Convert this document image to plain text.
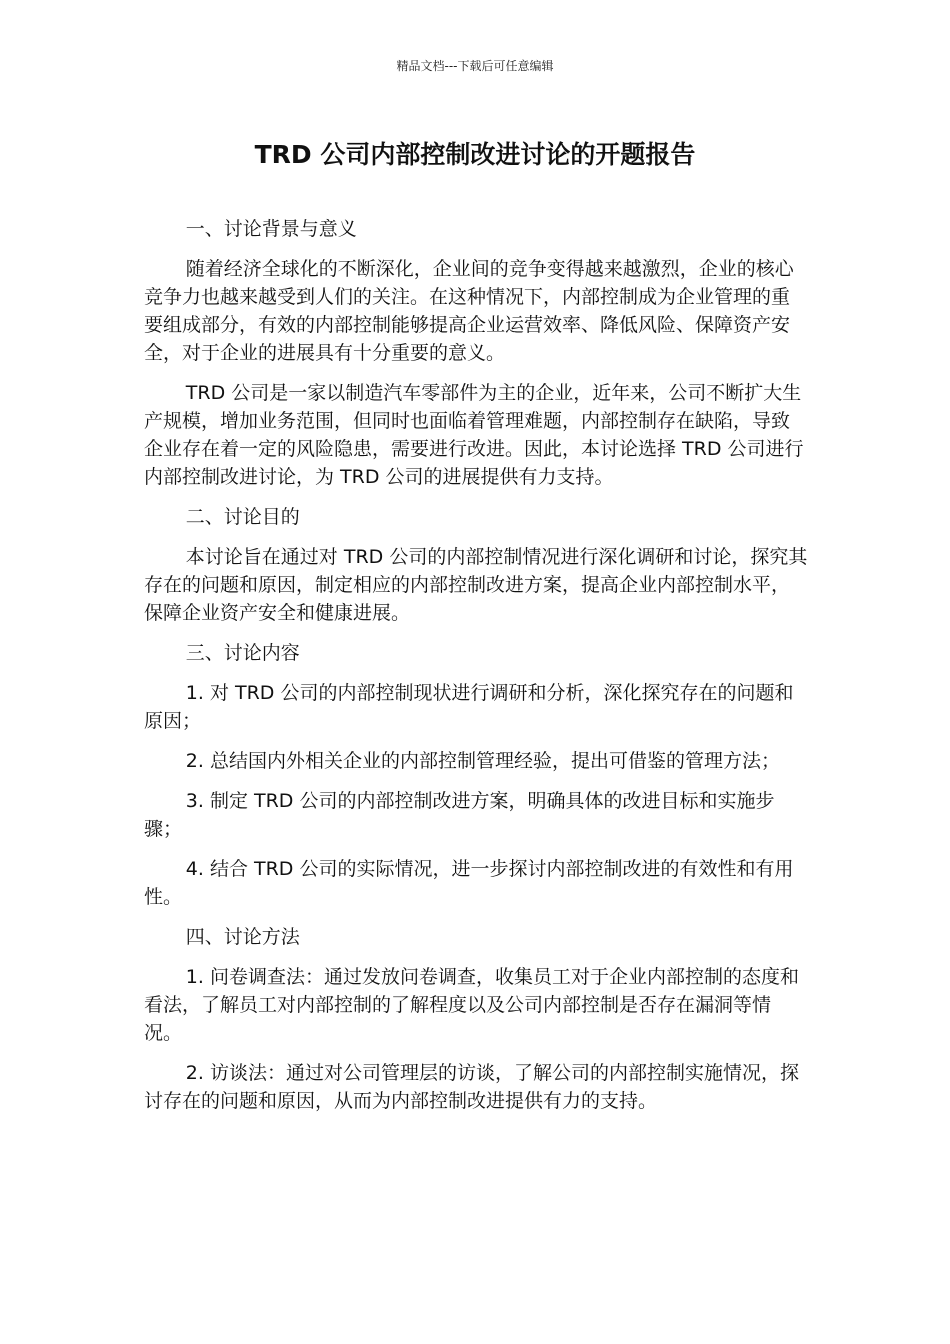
精品文档---下载后可任意编辑
TRD 公司内部控制改进讨论的开题报告

一、讨论背景与意义

随着经济全球化的不断深化，企业间的竞争变得越来越激烈，企业的核心竞争力也越来越受到人们的关注。在这种情况下，内部控制成为企业管理的重要组成部分，有效的内部控制能够提高企业运营效率、降低风险、保障资产安全，对于企业的进展具有十分重要的意义。

TRD 公司是一家以制造汽车零部件为主的企业，近年来，公司不断扩大生产规模，增加业务范围，但同时也面临着管理难题，内部控制存在缺陷，导致企业存在着一定的风险隐患，需要进行改进。因此，本讨论选择 TRD 公司进行内部控制改进讨论，为 TRD 公司的进展提供有力支持。

二、讨论目的

本讨论旨在通过对 TRD 公司的内部控制情况进行深化调研和讨论，探究其存在的问题和原因，制定相应的内部控制改进方案，提高企业内部控制水平，保障企业资产安全和健康进展。

三、讨论内容

1. 对 TRD 公司的内部控制现状进行调研和分析，深化探究存在的问题和原因；

2. 总结国内外相关企业的内部控制管理经验，提出可借鉴的管理方法；

3. 制定 TRD 公司的内部控制改进方案，明确具体的改进目标和实施步骤；

4. 结合 TRD 公司的实际情况，进一步探讨内部控制改进的有效性和有用性。

四、讨论方法

1. 问卷调查法：通过发放问卷调查，收集员工对于企业内部控制的态度和看法，了解员工对内部控制的了解程度以及公司内部控制是否存在漏洞等情况。

2. 访谈法：通过对公司管理层的访谈，了解公司的内部控制实施情况，探讨存在的问题和原因，从而为内部控制改进提供有力的支持。
